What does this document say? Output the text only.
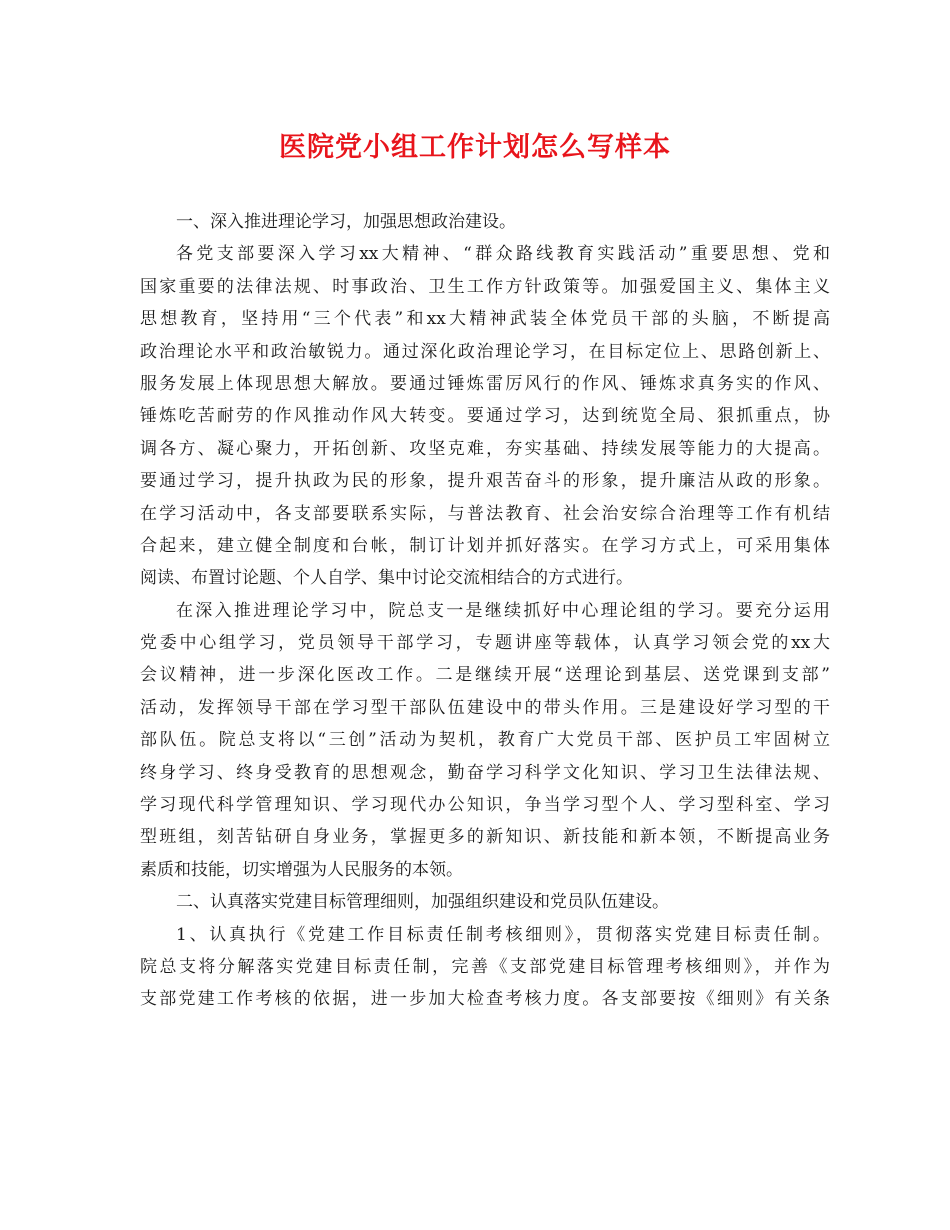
医院党小组工作计划怎么写样本
一、深入推进理论学习，加强思想政治建设。
各党支部要深入学习xx大精神、“群众路线教育实践活动”重要思想、党和
国家重要的法律法规、时事政治、卫生工作方针政策等。加强爱国主义、集体主义
思想教育，坚持用“三个代表”和xx大精神武装全体党员干部的头脑，不断提高
政治理论水平和政治敏锐力。通过深化政治理论学习，在目标定位上、思路创新上、
服务发展上体现思想大解放。要通过锤炼雷厉风行的作风、锤炼求真务实的作风、
锤炼吃苦耐劳的作风推动作风大转变。要通过学习，达到统览全局、狠抓重点，协
调各方、凝心聚力，开拓创新、攻坚克难，夯实基础、持续发展等能力的大提高。
要通过学习，提升执政为民的形象，提升艰苦奋斗的形象，提升廉洁从政的形象。
在学习活动中，各支部要联系实际，与普法教育、社会治安综合治理等工作有机结
合起来，建立健全制度和台帐，制订计划并抓好落实。在学习方式上，可采用集体
阅读、布置讨论题、个人自学、集中讨论交流相结合的方式进行。
在深入推进理论学习中，院总支一是继续抓好中心理论组的学习。要充分运用
党委中心组学习，党员领导干部学习，专题讲座等载体，认真学习领会党的xx大
会议精神，进一步深化医改工作。二是继续开展“送理论到基层、送党课到支部”
活动，发挥领导干部在学习型干部队伍建设中的带头作用。三是建设好学习型的干
部队伍。院总支将以“三创”活动为契机，教育广大党员干部、医护员工牢固树立
终身学习、终身受教育的思想观念，勤奋学习科学文化知识、学习卫生法律法规、
学习现代科学管理知识、学习现代办公知识，争当学习型个人、学习型科室、学习
型班组，刻苦钻研自身业务，掌握更多的新知识、新技能和新本领，不断提高业务
素质和技能，切实增强为人民服务的本领。
二、认真落实党建目标管理细则，加强组织建设和党员队伍建设。
1、认真执行《党建工作目标责任制考核细则》，贯彻落实党建目标责任制。
院总支将分解落实党建目标责任制，完善《支部党建目标管理考核细则》，并作为
支部党建工作考核的依据，进一步加大检查考核力度。各支部要按《细则》有关条
